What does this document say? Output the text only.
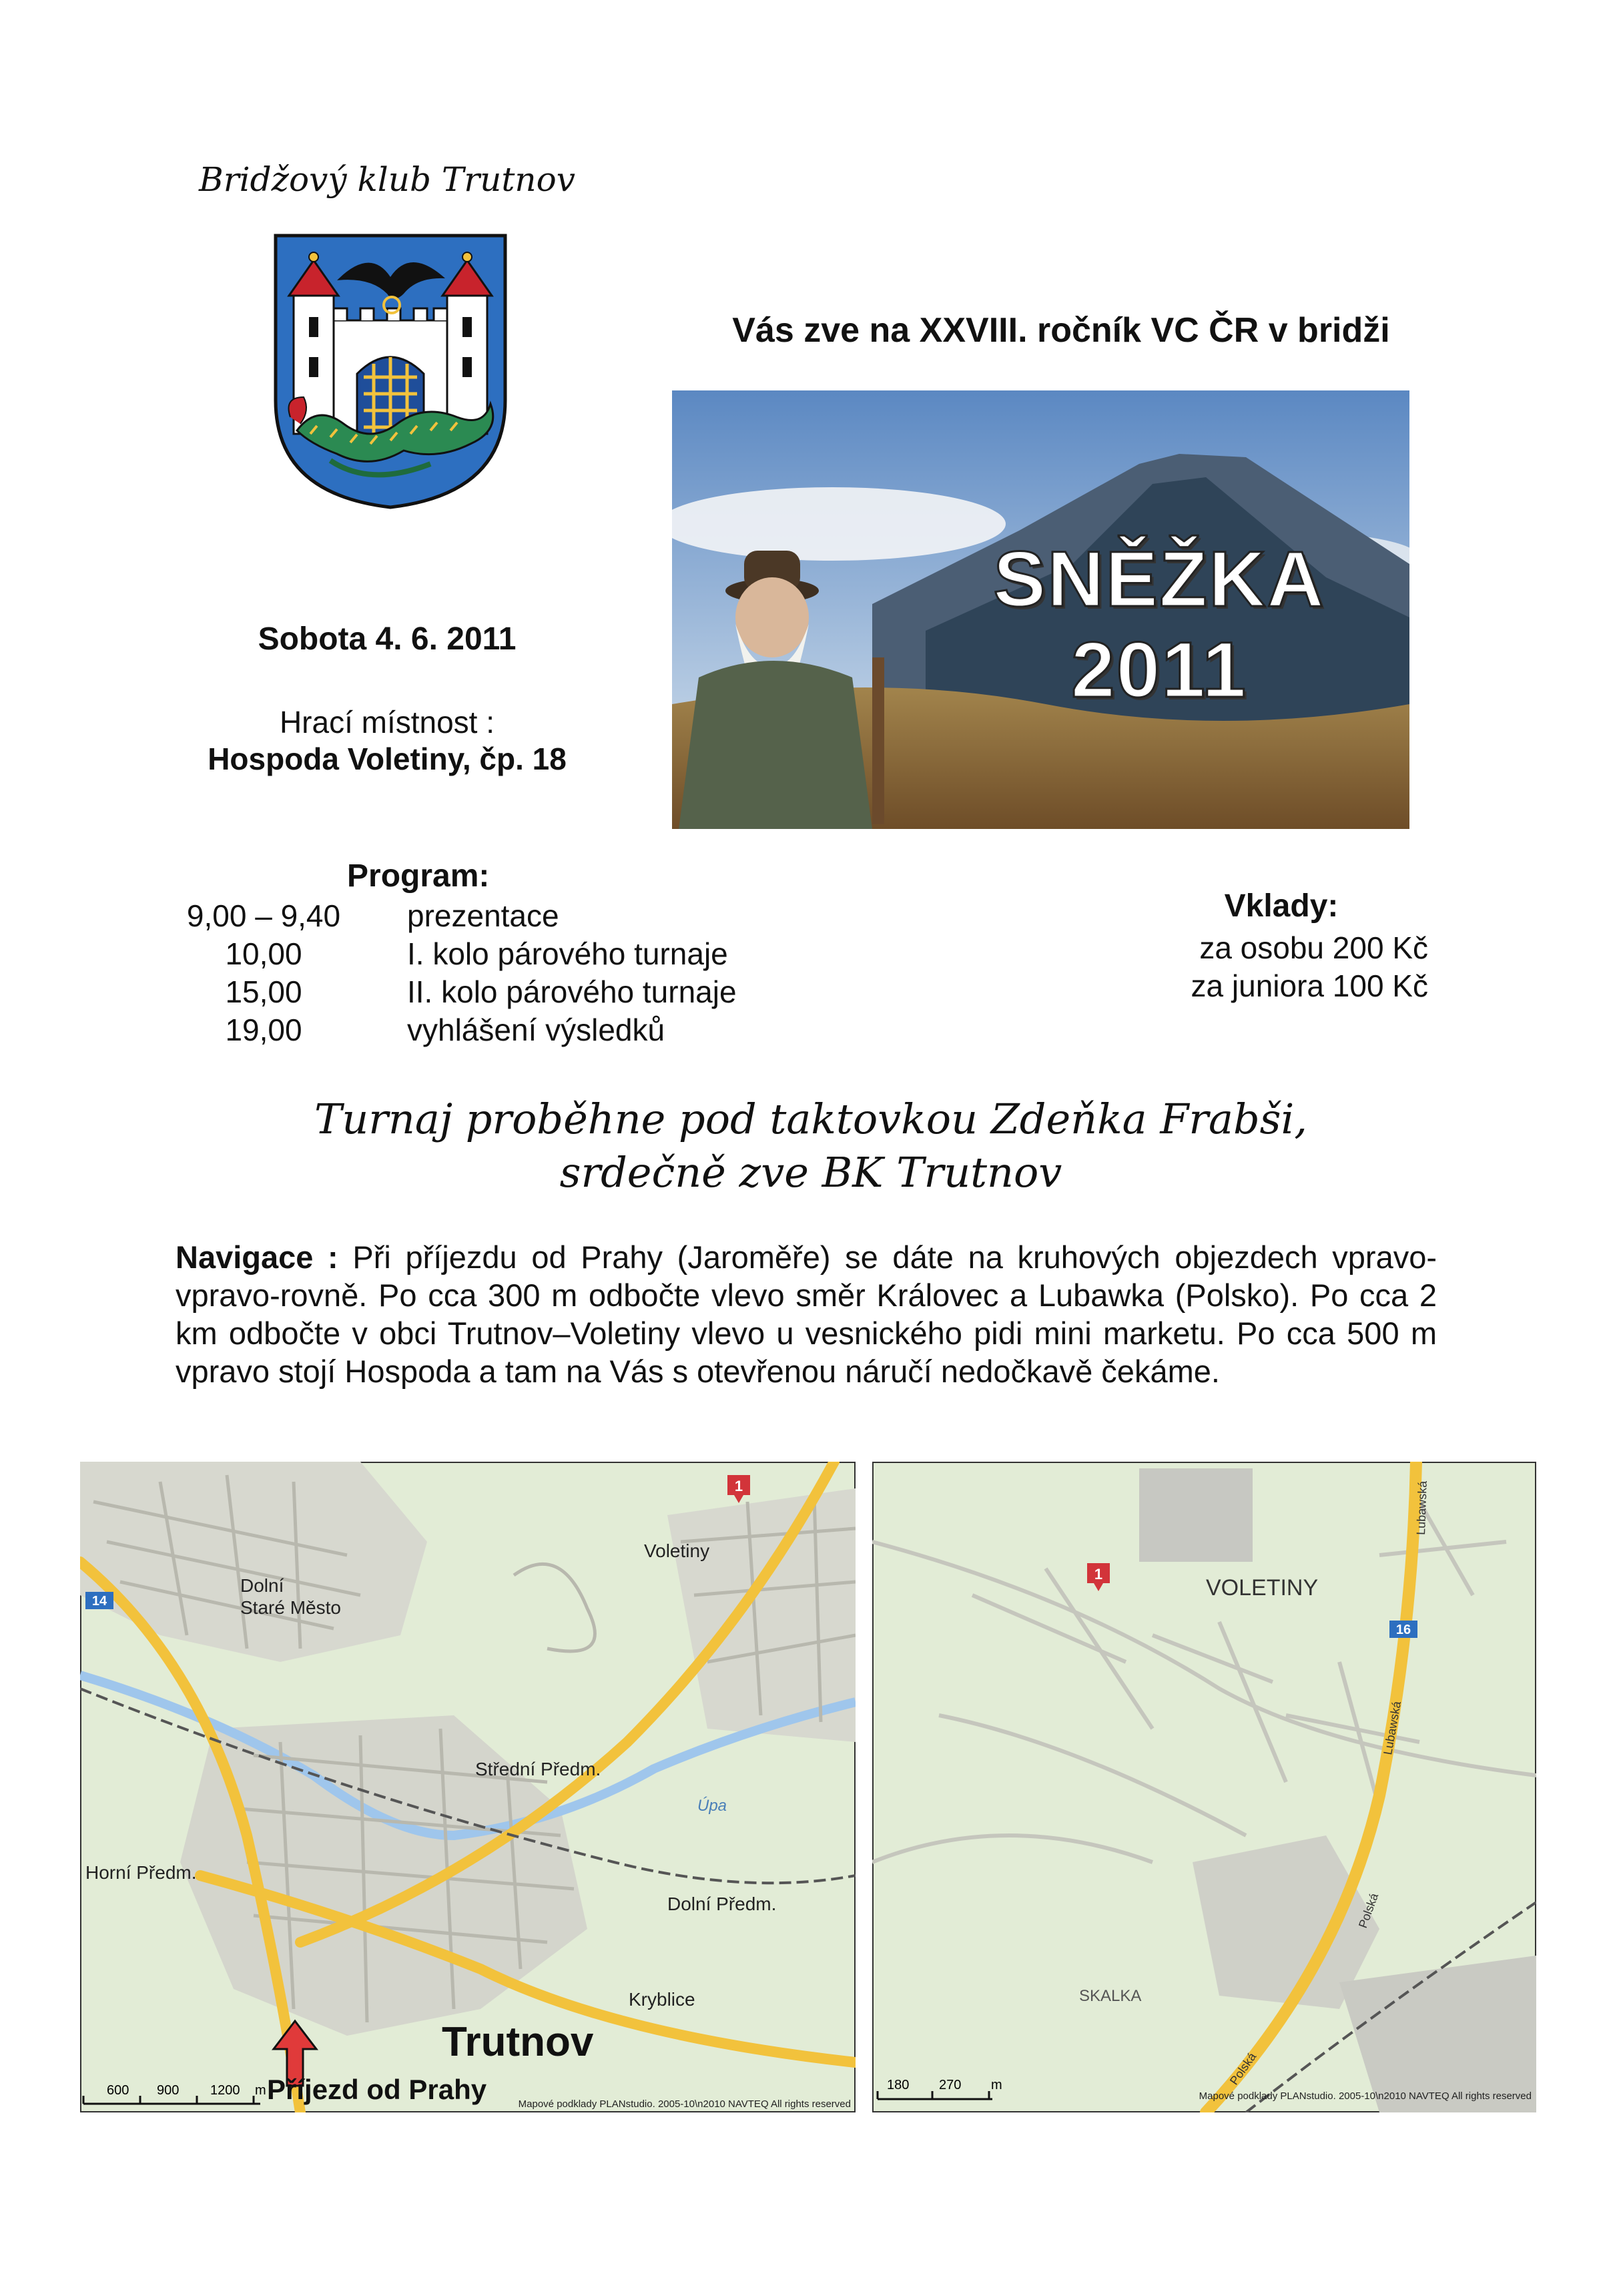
Bridžový klub Trutnov
Vás zve na XXVIII. ročník VC ČR v bridži
SNĚŽKA 2011
Sobota 4. 6. 2011
Hrací místnost :
Hospoda Voletiny, čp. 18
Program:
9,00 – 9,40	prezentace
10,00	I. kolo párového turnaje
15,00	II. kolo párového turnaje
19,00	vyhlášení výsledků
Vklady:
za osobu 200 Kč
za juniora 100 Kč
Turnaj proběhne pod taktovkou Zdeňka Frabši,
srdečně zve BK Trutnov
Navigace : Při příjezdu od Prahy (Jaroměře) se dáte na kruhových objezdech vpravo-vpravo-rovně. Po cca 300 m odbočte vlevo směr Královec a Lubawka (Polsko). Po cca 2 km odbočte v obci Trutnov–Voletiny vlevo u vesnického pidi mini marketu. Po cca 500 m vpravo stojí Hospoda a tam na Vás s otevřenou náručí nedočkavě čekáme.
14
1
Voletiny
Dolní
Staré Město
Střední Předm.
Úpa
Horní Předm.
Dolní Předm.
Kryblice
Trutnov
Příjezd od Prahy
600 900 1200 m
Mapové podklady PLANstudio. 2005-10\n2010 NAVTEQ All rights reserved
16
1
VOLETINY
SKALKA
Lubawská
Lubawská
Polská
Polská
180 270 m
Mapové podklady PLANstudio. 2005-10\n2010 NAVTEQ All rights reserved
